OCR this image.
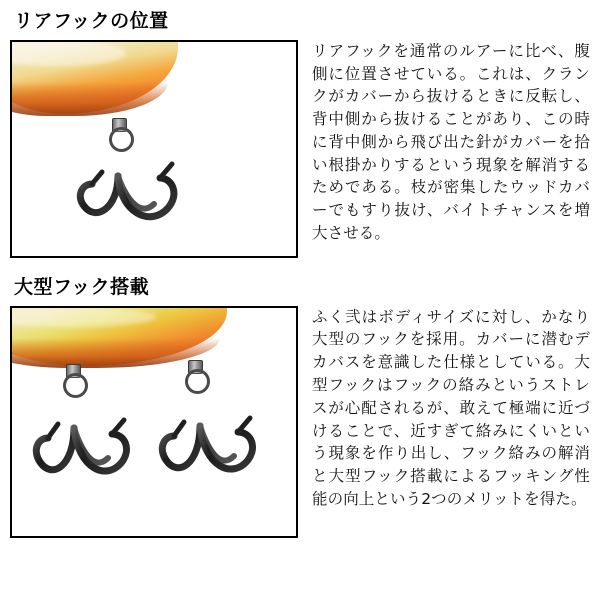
リアフックの位置

リアフックを通常のルアーに比べ、腹側に位置させている。これは、クランクがカバーから抜けるときに反転し、背中側から抜けることがあり、この時に背中側から飛び出た針がカバーを拾い根掛かりするという現象を解消するためである。枝が密集したウッドカバーでもすり抜け、バイトチャンスを増大させる。

大型フック搭載

ふく弐はボディサイズに対し、かなり大型のフックを採用。カバーに潜むデカバスを意識した仕様としている。大型フックはフックの絡みというストレスが心配されるが、敢えて極端に近づけることで、近すぎて絡みにくいという現象を作り出し、フック絡みの解消と大型フック搭載によるフッキング性能の向上という2つのメリットを得た。
